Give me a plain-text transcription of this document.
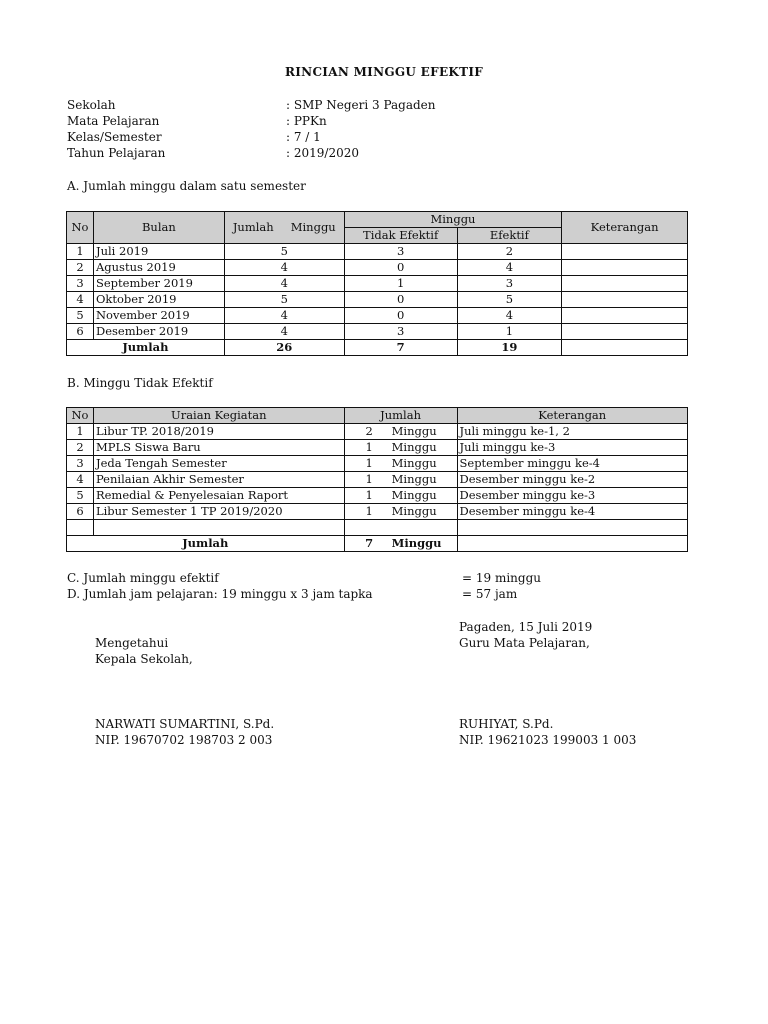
RINCIAN MINGGU EFEKTIF
Sekolah	: SMP Negeri 3 Pagaden
Mata Pelajaran	: PPKn
Kelas/Semester	: 7 / 1
Tahun Pelajaran	: 2019/2020
A. Jumlah minggu dalam satu semester
No	Bulan	Jumlah Minggu	Minggu		Keterangan
			Tidak Efektif	Efektif	
1	Juli 2019	5	3	2	
2	Agustus 2019	4	0	4	
3	September 2019	4	1	3	
4	Oktober 2019	5	0	5	
5	November 2019	4	0	4	
6	Desember 2019	4	3	1	
Jumlah		26	7	19	
B. Minggu Tidak Efektif
No	Uraian Kegiatan	Jumlah	Keterangan
1	Libur TP. 2018/2019	2 Minggu	Juli minggu ke-1, 2
2	MPLS Siswa Baru	1 Minggu	Juli minggu ke-3
3	Jeda Tengah Semester	1 Minggu	September minggu ke-4
4	Penilaian Akhir Semester	1 Minggu	Desember minggu ke-2
5	Remedial & Penyelesaian Raport	1 Minggu	Desember minggu ke-3
6	Libur Semester 1 TP 2019/2020	1 Minggu	Desember minggu ke-4

Jumlah		7 Minggu	

C. Jumlah minggu efektif	= 19 minggu
D. Jumlah jam pelajaran: 19 minggu x 3 jam tapka	= 57 jam
Pagaden, 15 Juli 2019
Mengetahui	Guru Mata Pelajaran,
Kepala Sekolah,
NARWATI SUMARTINI, S.Pd.	RUHIYAT, S.Pd.
NIP. 19670702 198703 2 003	NIP. 19621023 199003 1 003
